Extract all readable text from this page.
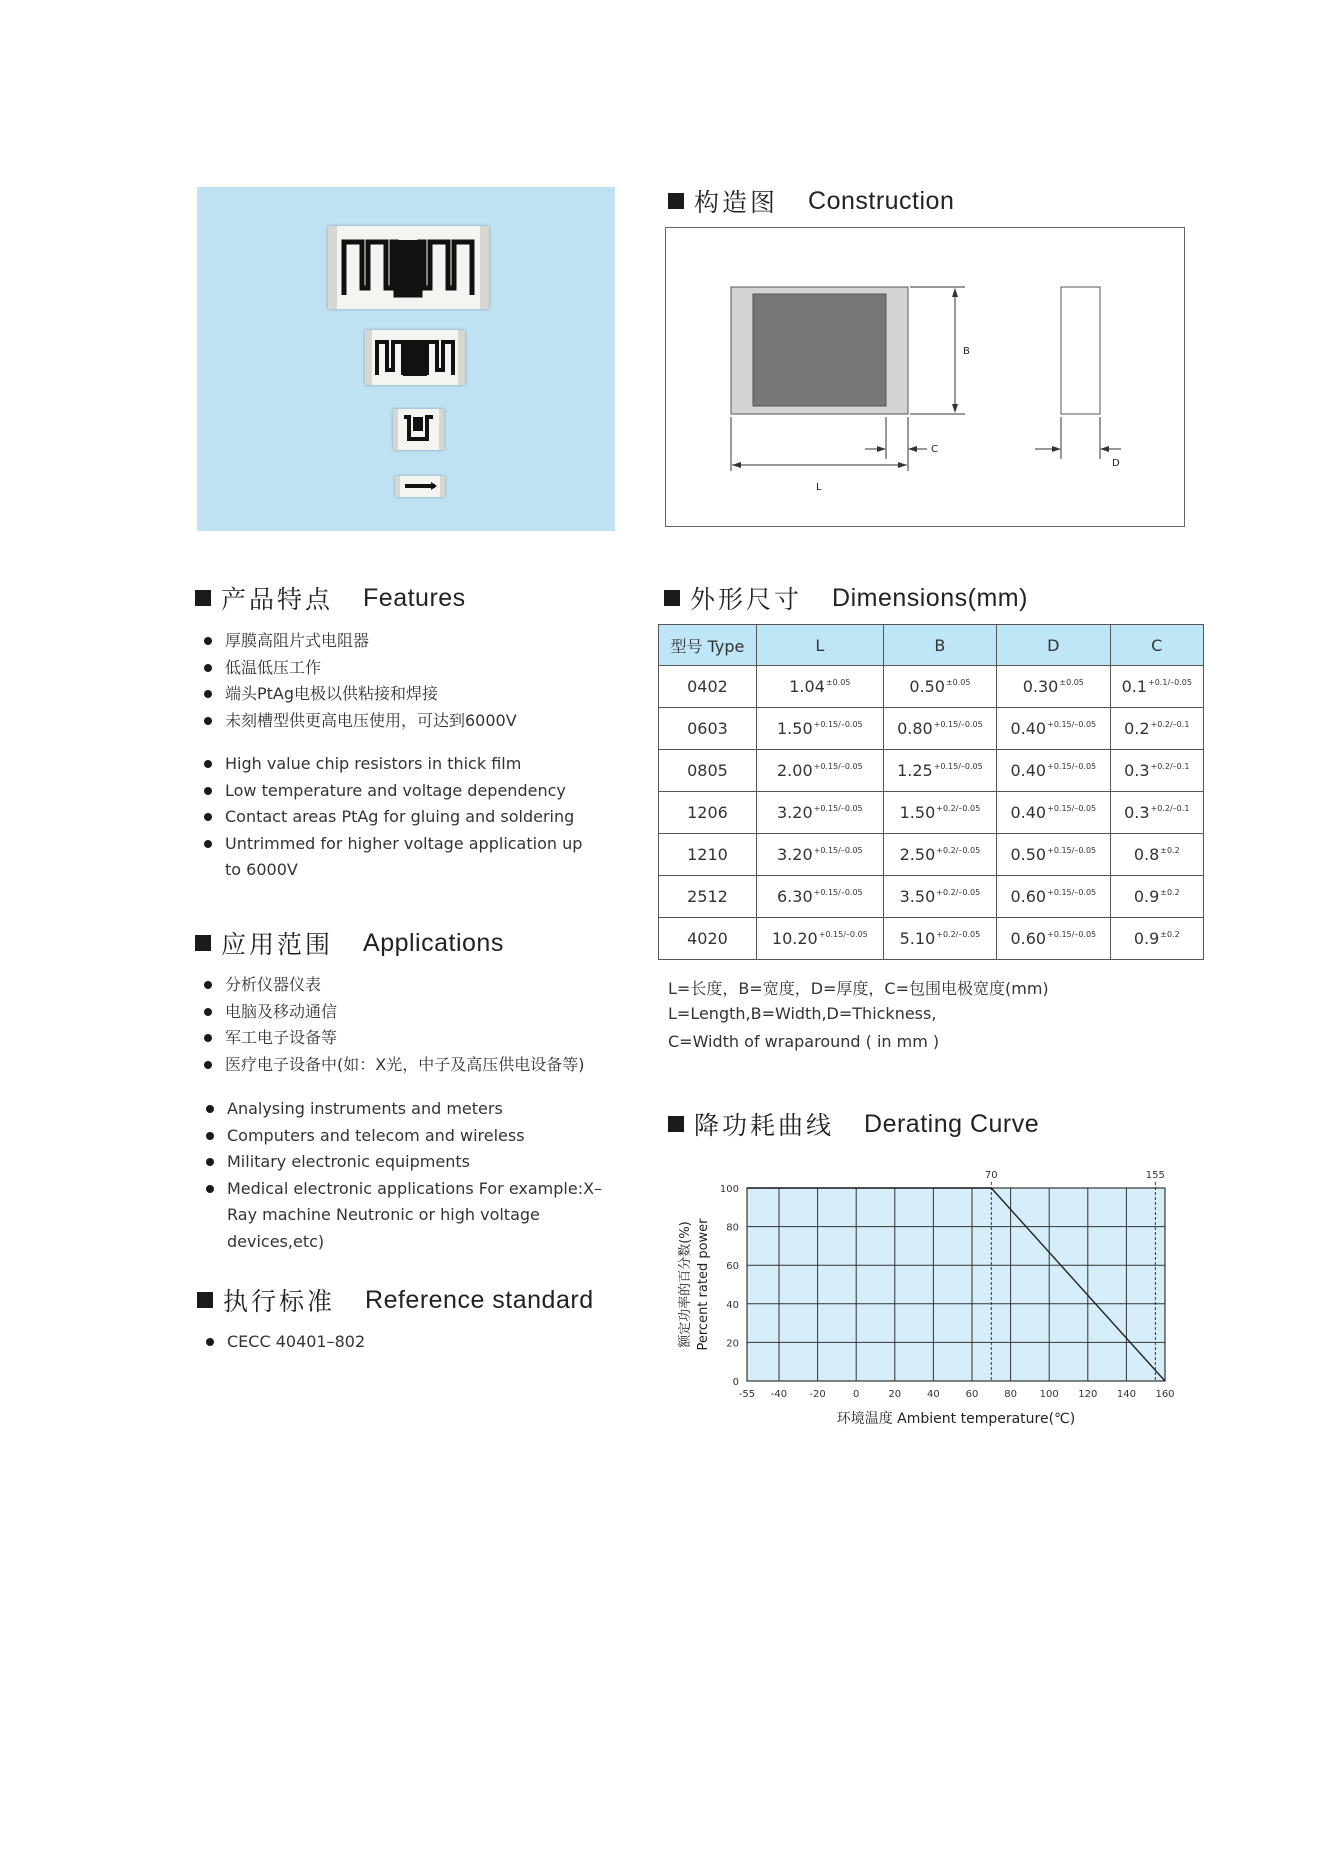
构造图 Construction
B
C
L
D
产品特点 Features
厚膜高阻片式电阻器
低温低压工作
端头PtAg电极以供粘接和焊接
未刻槽型供更高电压使用，可达到6000V
High value chip resistors in thick film
Low temperature and voltage dependency
Contact areas PtAg for gluing and soldering
Untrimmed for higher voltage application up to 6000V
应用范围 Applications
分析仪器仪表
电脑及移动通信
军工电子设备等
医疗电子设备中(如：X光，中子及高压供电设备等)
Analysing instruments and meters
Computers and telecom and wireless
Military electronic equipments
Medical electronic applications For example:X–Ray machine Neutronic or high voltage devices,etc)
执行标准 Reference standard
CECC 40401–802
外形尺寸 Dimensions(mm)
型号 Type	L	B	D	C
0402	$1.04^{\pm 0.05}$	$0.50^{\pm 0.05}$	$0.30^{\pm 0.05}$	$0.1^{+0.1/-0.05}$
0603	$1.50^{+0.15/-0.05}$	$0.80^{+0.15/-0.05}$	$0.40^{+0.15/-0.05}$	$0.2^{+0.2/-0.1}$
0805	$2.00^{+0.15/-0.05}$	$1.25^{+0.15/-0.05}$	$0.40^{+0.15/-0.05}$	$0.3^{+0.2/-0.1}$
1206	$3.20^{+0.15/-0.05}$	$1.50^{+0.2/-0.05}$	$0.40^{+0.15/-0.05}$	$0.3^{+0.2/-0.1}$
1210	$3.20^{+0.15/-0.05}$	$2.50^{+0.2/-0.05}$	$0.50^{+0.15/-0.05}$	$0.8^{\pm 0.2}$
2512	$6.30^{+0.15/-0.05}$	$3.50^{+0.2/-0.05}$	$0.60^{+0.15/-0.05}$	$0.9^{\pm 0.2}$
4020	$10.20^{+0.15/-0.05}$	$5.10^{+0.2/-0.05}$	$0.60^{+0.15/-0.05}$	$0.9^{\pm 0.2}$
L=长度，B=宽度，D=厚度，C=包围电极宽度(mm)
L=Length,B=Width,D=Thickness,
C=Width of wraparound ( in mm )
降功耗曲线 Derating Curve
70	155
-55 -40 -20	0	20	40	60	80 100 120 140 160
0
20
40
60
80
100
环境温度 Ambient temperature(℃)
额定功率的百分数(%) Percent rated power
